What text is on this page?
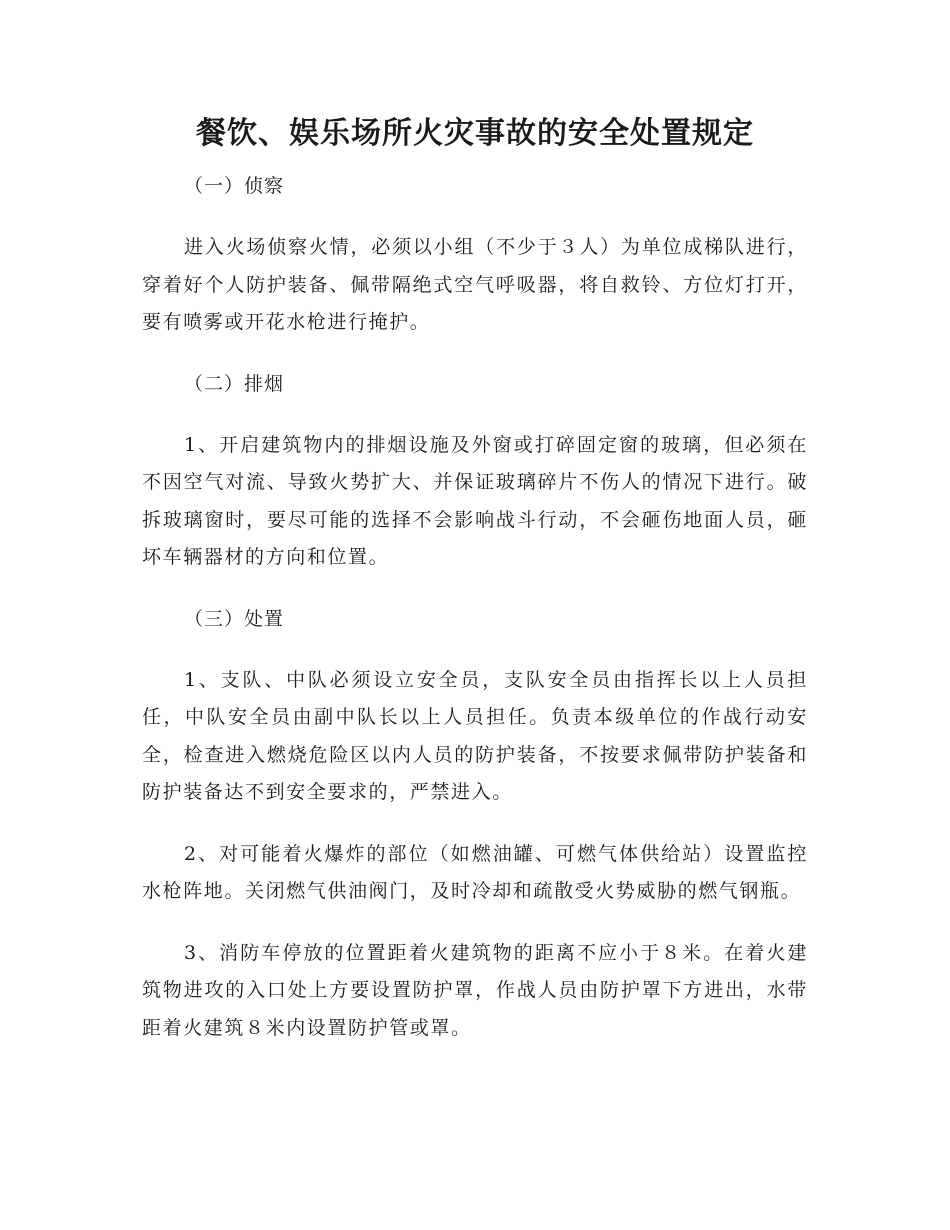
餐饮、娱乐场所火灾事故的安全处置规定
（一）侦察

进入火场侦察火情，必须以小组（不少于３人）为单位成梯队进行，穿着好个人防护装备、佩带隔绝式空气呼吸器，将自救铃、方位灯打开，要有喷雾或开花水枪进行掩护。

（二）排烟

1、开启建筑物内的排烟设施及外窗或打碎固定窗的玻璃，但必须在不因空气对流、导致火势扩大、并保证玻璃碎片不伤人的情况下进行。破拆玻璃窗时，要尽可能的选择不会影响战斗行动，不会砸伤地面人员，砸坏车辆器材的方向和位置。

（三）处置

1、支队、中队必须设立安全员，支队安全员由指挥长以上人员担任，中队安全员由副中队长以上人员担任。负责本级单位的作战行动安全，检查进入燃烧危险区以内人员的防护装备，不按要求佩带防护装备和防护装备达不到安全要求的，严禁进入。

2、对可能着火爆炸的部位（如燃油罐、可燃气体供给站）设置监控水枪阵地。关闭燃气供油阀门，及时冷却和疏散受火势威胁的燃气钢瓶。

3、消防车停放的位置距着火建筑物的距离不应小于８米。在着火建筑物进攻的入口处上方要设置防护罩，作战人员由防护罩下方进出，水带距着火建筑８米内设置防护管或罩。
